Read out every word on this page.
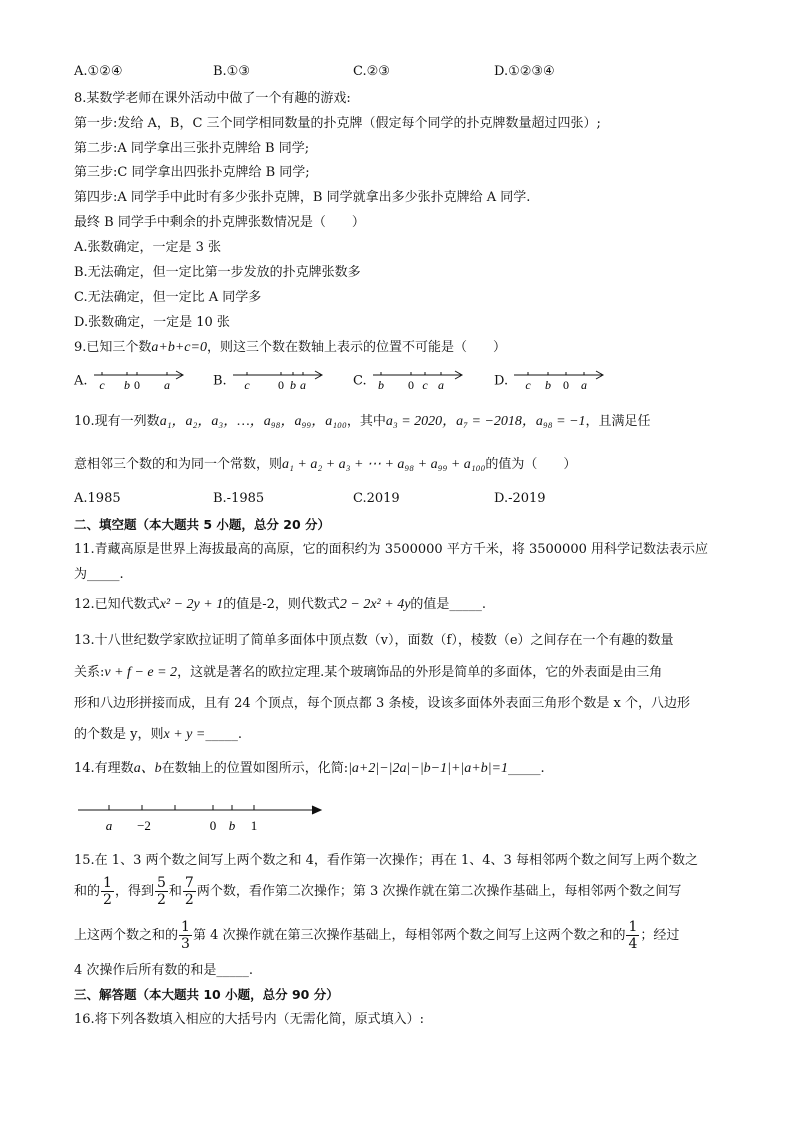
A.①②④	B.①③	C.②③	D.①②③④
8.某数学老师在课外活动中做了一个有趣的游戏:
第一步:发给 A，B，C 三个同学相同数量的扑克牌（假定每个同学的扑克牌数量超过四张）;
第二步:A 同学拿出三张扑克牌给 B 同学;
第三步:C 同学拿出四张扑克牌给 B 同学;
第四步:A 同学手中此时有多少张扑克牌，B 同学就拿出多少张扑克牌给 A 同学.
最终 B 同学手中剩余的扑克牌张数情况是（　　）
A.张数确定，一定是 3 张
B.无法确定，但一定比第一步发放的扑克牌张数多
C.无法确定，但一定比 A 同学多
D.张数确定，一定是 10 张
9.已知三个数a+b+c=0，则这三个数在数轴上表示的位置不可能是（　　）
A. c b 0 a	B. c 0 b a	C. b 0 c a	D. c b 0 a
10.现有一列数a₁，a₂，a₃，…，a₉₈，a₉₉，a₁₀₀，其中a₃ = 2020，a₇ = −2018，a₉₈ = −1，且满足任
意相邻三个数的和为同一个常数，则a₁ + a₂ + a₃ + ⋯ + a₉₈ + a₉₉ + a₁₀₀的值为（　　）
A.1985	B.-1985	C.2019	D.-2019
二、填空题（本大题共 5 小题，总分 20 分）
11.青藏高原是世界上海拔最高的高原，它的面积约为 3500000 平方千米，将 3500000 用科学记数法表示应
为_____.
12.已知代数式x² − 2y + 1的值是-2，则代数式2 − 2x² + 4y的值是_____.
13.十八世纪数学家欧拉证明了简单多面体中顶点数（v），面数（f），棱数（e）之间存在一个有趣的数量
关系:v + f − e = 2，这就是著名的欧拉定理.某个玻璃饰品的外形是简单的多面体，它的外表面是由三角
形和八边形拼接而成，且有 24 个顶点，每个顶点都 3 条棱，设该多面体外表面三角形个数是 x 个，八边形
的个数是 y，则x + y =_____.
14.有理数a、b在数轴上的位置如图所示，化简:|a+2|−|2a|−|b−1|+|a+b|=1_____.
a −2	0 b 1
15.在 1、3 两个数之间写上两个数之和 4，看作第一次操作；再在 1、4、3 每相邻两个数之间写上两个数之
和的 $\frac{1}{2}$ ，得到 $\frac{5}{2}$ 和 $\frac{7}{2}$ 两个数，看作第二次操作；第 3 次操作就在第二次操作基础上，每相邻两个数之间写
上这两个数之和的 $\frac{1}{3}$ 第 4 次操作就在第三次操作基础上，每相邻两个数之间写上这两个数之和的 $\frac{1}{4}$ ；经过
4 次操作后所有数的和是_____.
三、解答题（本大题共 10 小题，总分 90 分）
16.将下列各数填入相应的大括号内（无需化简，原式填入）:
